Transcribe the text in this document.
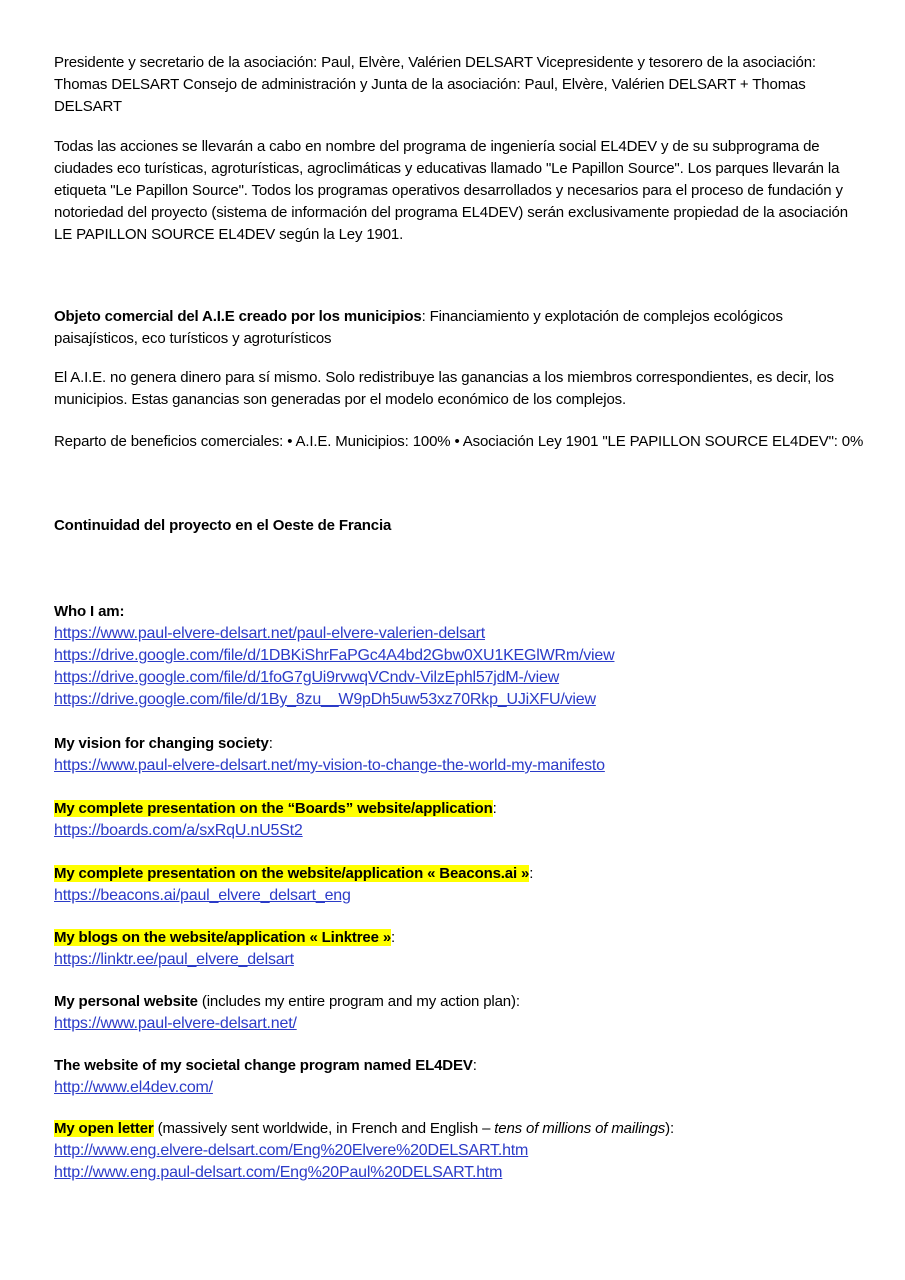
Presidente y secretario de la asociación: Paul, Elvère, Valérien DELSART Vicepresidente y tesorero de la asociación: Thomas DELSART Consejo de administración y Junta de la asociación: Paul, Elvère, Valérien DELSART + Thomas DELSART

Todas las acciones se llevarán a cabo en nombre del programa de ingeniería social EL4DEV y de su subprograma de ciudades eco turísticas, agroturísticas, agroclimáticas y educativas llamado "Le Papillon Source". Los parques llevarán la etiqueta "Le Papillon Source". Todos los programas operativos desarrollados y necesarios para el proceso de fundación y notoriedad del proyecto (sistema de información del programa EL4DEV) serán exclusivamente propiedad de la asociación LE PAPILLON SOURCE EL4DEV según la Ley 1901.

Objeto comercial del A.I.E creado por los municipios: Financiamiento y explotación de complejos ecológicos paisajísticos, eco turísticos y agroturísticos

El A.I.E. no genera dinero para sí mismo. Solo redistribuye las ganancias a los miembros correspondientes, es decir, los municipios. Estas ganancias son generadas por el modelo económico de los complejos.

Reparto de beneficios comerciales: • A.I.E. Municipios: 100% • Asociación Ley 1901 "LE PAPILLON SOURCE EL4DEV": 0%

Continuidad del proyecto en el Oeste de Francia

Who I am:

https://www.paul-elvere-delsart.net/paul-elvere-valerien-delsart
https://drive.google.com/file/d/1DBKiShrFaPGc4A4bd2Gbw0XU1KEGlWRm/view
https://drive.google.com/file/d/1foG7gUi9rvwqVCndv-VilzEphl57jdM-/view
https://drive.google.com/file/d/1By_8zu__W9pDh5uw53xz70Rkp_UJiXFU/view

My vision for changing society:

https://www.paul-elvere-delsart.net/my-vision-to-change-the-world-my-manifesto

My complete presentation on the “Boards” website/application:

https://boards.com/a/sxRqU.nU5St2

My complete presentation on the website/application « Beacons.ai »:

https://beacons.ai/paul_elvere_delsart_eng

My blogs on the website/application « Linktree »:

https://linktr.ee/paul_elvere_delsart

My personal website (includes my entire program and my action plan):

https://www.paul-elvere-delsart.net/

The website of my societal change program named EL4DEV:

http://www.el4dev.com/

My open letter (massively sent worldwide, in French and English – tens of millions of mailings):

http://www.eng.elvere-delsart.com/Eng%20Elvere%20DELSART.htm
http://www.eng.paul-delsart.com/Eng%20Paul%20DELSART.htm
